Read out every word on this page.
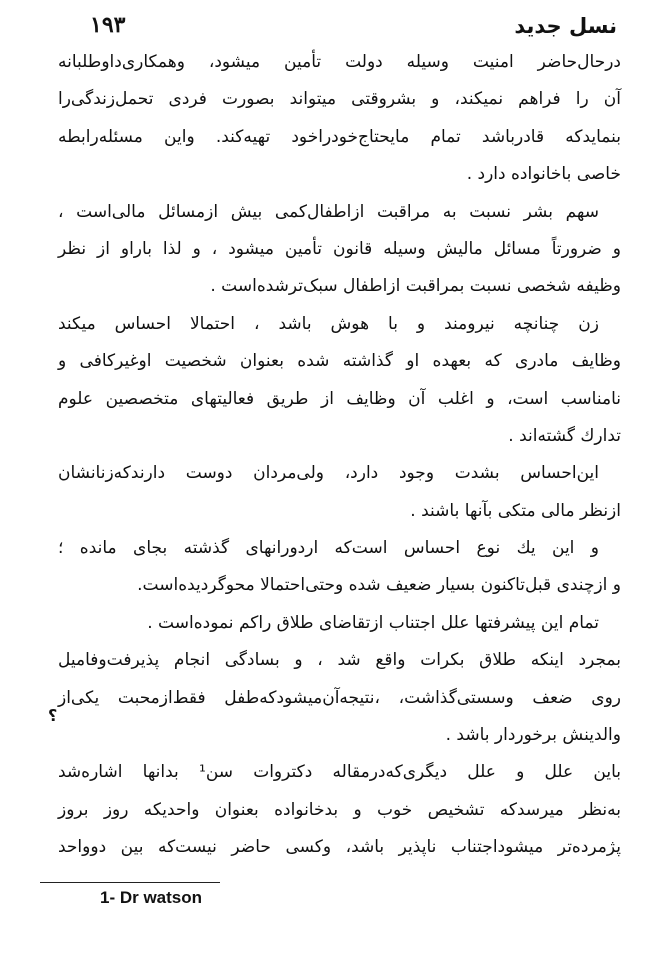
۱۹۳	نسل جدید
درحال‌حاضر امنیت وسیله دولت تأمین میشود، وهمکاری‌داوطلبانه
آن را فراهم نمیکند، و بشروقتی میتواند بصورت فردی تحمل‌زندگی‌را
بنماید‌که قادرباشد تمام مایحتاج‌خودراخود تهیه‌کند. واین مسئله‌رابطه
خاصی باخانواده دارد .
سهم بشر نسبت به مراقبت ازاطفال‌کمی بیش ازمسائل مالی‌است ،
و ضرورتاً مسائل مالیش وسیله قانون تأمین میشود ، و لذا باراو از نظر
وظیفه شخصی نسبت بمراقبت ازاطفال سبک‌ترشده‌است .
زن چنانچه نیرومند و با هوش باشد ، احتمالا احساس میکند
وظایف مادری که بعهده او گذاشته شده بعنوان شخصیت اوغیرکافی و
نامناسب است، و اغلب آن وظایف از طریق فعالیتهای متخصصین علوم
تدارك گشته‌اند .
این‌احساس بشدت وجود دارد، ولی‌مردان دوست دارندکه‌زنانشان
ازنظر مالی متکی بآنها باشند .
و این یك نوع احساس است‌که اردورانهای گذشته بجای مانده ؛
و ازچندی قبل‌تاکنون بسیار ضعیف شده وحتی‌احتمالا محوگردیده‌است.
تمام این پیشرفتها علل اجتناب ازتقاضای طلاق راکم نموده‌است .
بمجرد اینکه طلاق بکرات واقع شد ، و بسادگی انجام پذیرفت‌وفامیل
روی ضعف وسستی‌گذاشت، ،نتیجه‌آن‌میشودکه‌طفل فقط‌ازمحبت یکی‌از
والدینش برخوردار باشد .
باین علل و علل دیگری‌که‌درمقاله دکتروات سن¹ بدانها اشاره‌شد
به‌نظر میرسدکه تشخیص خوب و بدخانواده بعنوان واحدیکه روز بروز
پژمرده‌تر میشوداجتناب ناپذیر باشد، وکسی حاضر نیست‌که بین دوواحد
؟
1- Dr watson
